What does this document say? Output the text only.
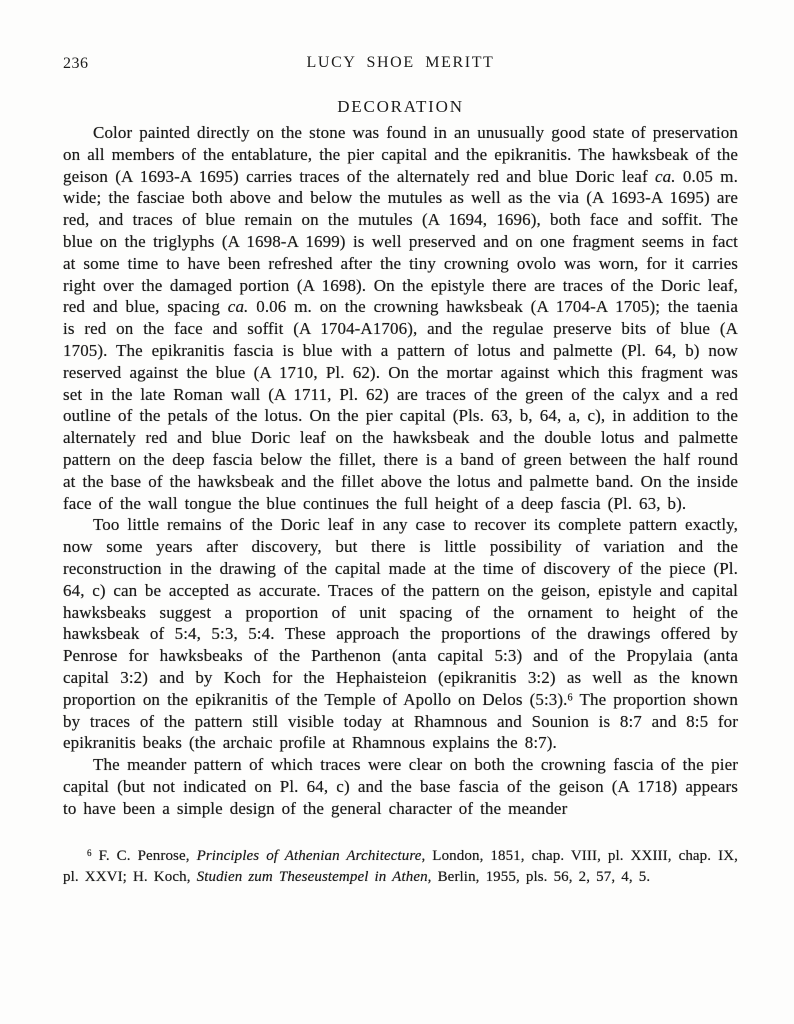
236	LUCY SHOE MERITT
DECORATION

Color painted directly on the stone was found in an unusually good state of preservation on all members of the entablature, the pier capital and the epikranitis. The hawksbeak of the geison (A 1693-A 1695) carries traces of the alternately red and blue Doric leaf ca. 0.05 m. wide; the fasciae both above and below the mutules as well as the via (A 1693-A 1695) are red, and traces of blue remain on the mutules (A 1694, 1696), both face and soffit. The blue on the triglyphs (A 1698-A 1699) is well preserved and on one fragment seems in fact at some time to have been refreshed after the tiny crowning ovolo was worn, for it carries right over the damaged portion (A 1698). On the epistyle there are traces of the Doric leaf, red and blue, spacing ca. 0.06 m. on the crowning hawksbeak (A 1704-A 1705); the taenia is red on the face and soffit (A 1704-A1706), and the regulae preserve bits of blue (A 1705). The epikranitis fascia is blue with a pattern of lotus and palmette (Pl. 64, b) now reserved against the blue (A 1710, Pl. 62). On the mortar against which this fragment was set in the late Roman wall (A 1711, Pl. 62) are traces of the green of the calyx and a red outline of the petals of the lotus. On the pier capital (Pls. 63, b, 64, a, c), in addition to the alternately red and blue Doric leaf on the hawksbeak and the double lotus and palmette pattern on the deep fascia below the fillet, there is a band of green between the half round at the base of the hawksbeak and the fillet above the lotus and palmette band. On the inside face of the wall tongue the blue continues the full height of a deep fascia (Pl. 63, b).

Too little remains of the Doric leaf in any case to recover its complete pattern exactly, now some years after discovery, but there is little possibility of variation and the reconstruction in the drawing of the capital made at the time of discovery of the piece (Pl. 64, c) can be accepted as accurate. Traces of the pattern on the geison, epistyle and capital hawksbeaks suggest a proportion of unit spacing of the ornament to height of the hawksbeak of 5:4, 5:3, 5:4. These approach the proportions of the drawings offered by Penrose for hawksbeaks of the Parthenon (anta capital 5:3) and of the Propylaia (anta capital 3:2) and by Koch for the Hephaisteion (epikranitis 3:2) as well as the known proportion on the epikranitis of the Temple of Apollo on Delos (5:3).$^6$ The proportion shown by traces of the pattern still visible today at Rhamnous and Sounion is 8:7 and 8:5 for epikranitis beaks (the archaic profile at Rhamnous explains the 8:7).

The meander pattern of which traces were clear on both the crowning fascia of the pier capital (but not indicated on Pl. 64, c) and the base fascia of the geison (A 1718) appears to have been a simple design of the general character of the meander

$^6$ F. C. Penrose, Principles of Athenian Architecture, London, 1851, chap. VIII, pl. XXIII, chap. IX, pl. XXVI; H. Koch, Studien zum Theseustempel in Athen, Berlin, 1955, pls. 56, 2, 57, 4, 5.
